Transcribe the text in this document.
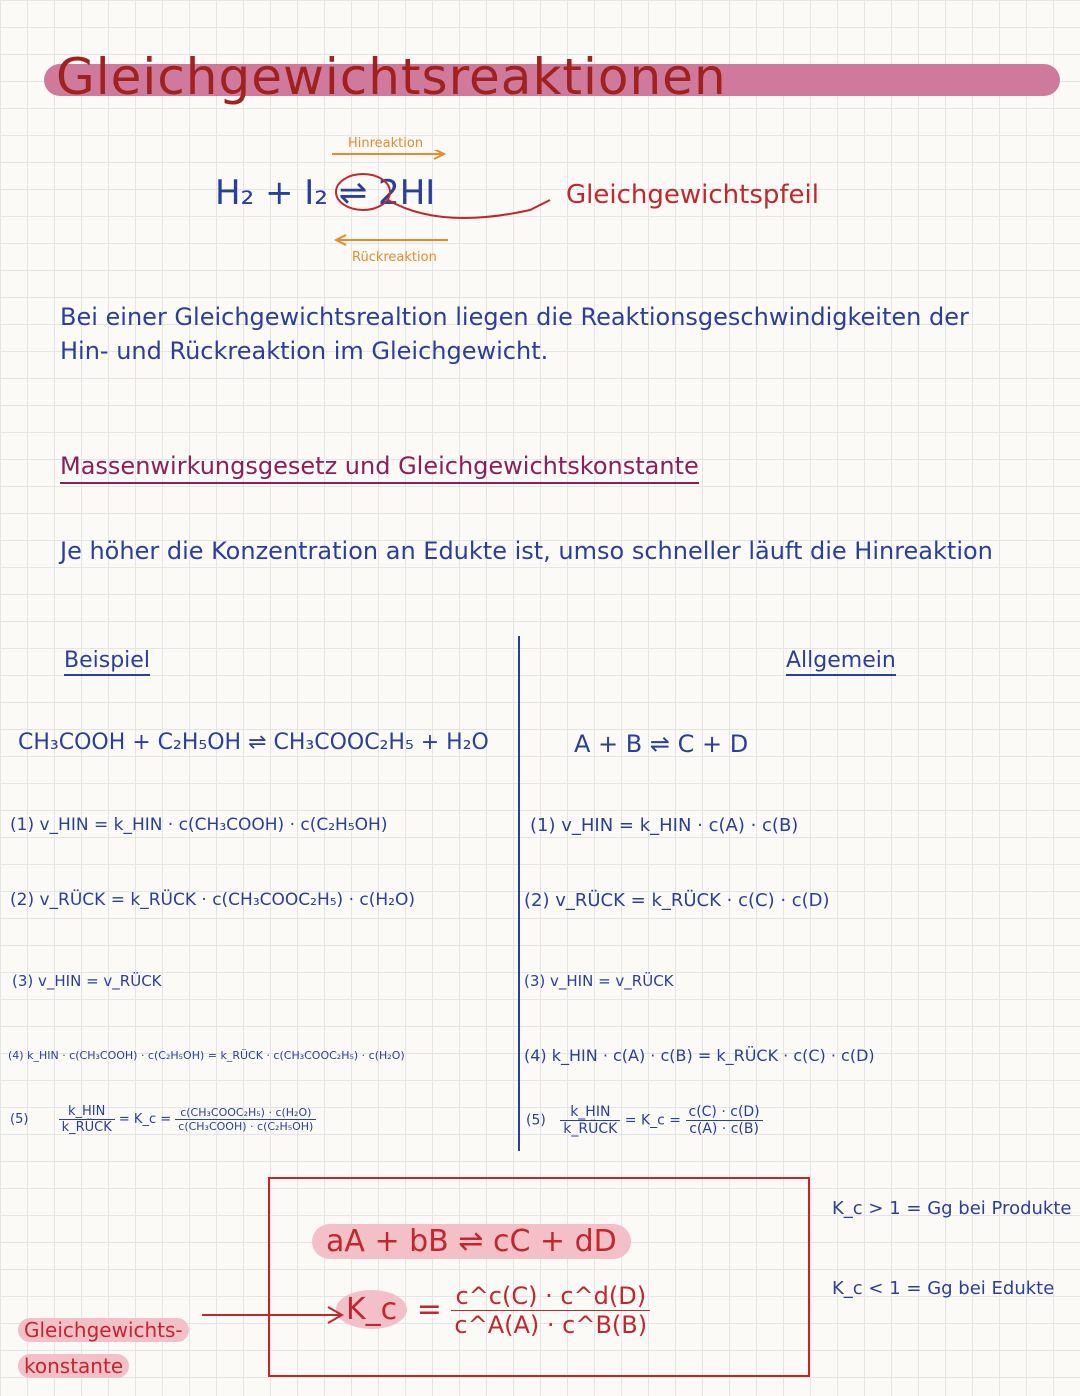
Gleichgewichtsreaktionen
Hinreaktion
H₂ + I₂ ⇌ 2HI
Rückreaktion
Gleichgewichtspfeil
Bei einer Gleichgewichtsrealtion liegen die Reaktionsgeschwindigkeiten der Hin- und Rückreaktion im Gleichgewicht.
Massenwirkungsgesetz und Gleichgewichtskonstante
Je höher die Konzentration an Edukte ist, umso schneller läuft die Hinreaktion
Beispiel	Allgemein
CH₃COOH + C₂H₅OH ⇌ CH₃COOC₂H₅ + H₂O	A + B ⇌ C + D
(1) v_HIN = k_HIN · c(CH₃COOH) · c(C₂H₅OH)	(1) v_HIN = k_HIN · c(A) · c(B)
(2) v_RÜCK = k_RÜCK · c(CH₃COOC₂H₅) · c(H₂O)	(2) v_RÜCK = k_RÜCK · c(C) · c(D)
(3) v_HIN = v_RÜCK	(3) v_HIN = v_RÜCK
(4) k_HIN · c(CH₃COOH) · c(C₂H₅OH) = k_RÜCK · c(CH₃COOC₂H₅) · c(H₂O)	(4) k_HIN · c(A) · c(B) = k_RÜCK · c(C) · c(D)
$(5) \frac{\text{k\_HIN}}{\text{k\_RÜCK}}$ = K_c = $\frac{\text{c(CH₃COOC₂H₅) · c(H₂O)}}{\text{c(CH₃COOH) · c(C₂H₅OH)}}$	$(5) \frac{\text{k\_HIN}}{\text{k\_RÜCK}}$ = K_c = $\frac{c(C) \cdot c(D)}{c(A) \cdot c(B)}$
aA + bB ⇌ cC + dD
K_c = $\frac{c\^{}c(C) \cdot c\^{}d(D)}{c\^{}A(A) \cdot c\^{}B(B)}$
Gleichgewichts-
konstante
K_c > 1 = Gg bei Produkte
K_c < 1 = Gg bei Edukte
